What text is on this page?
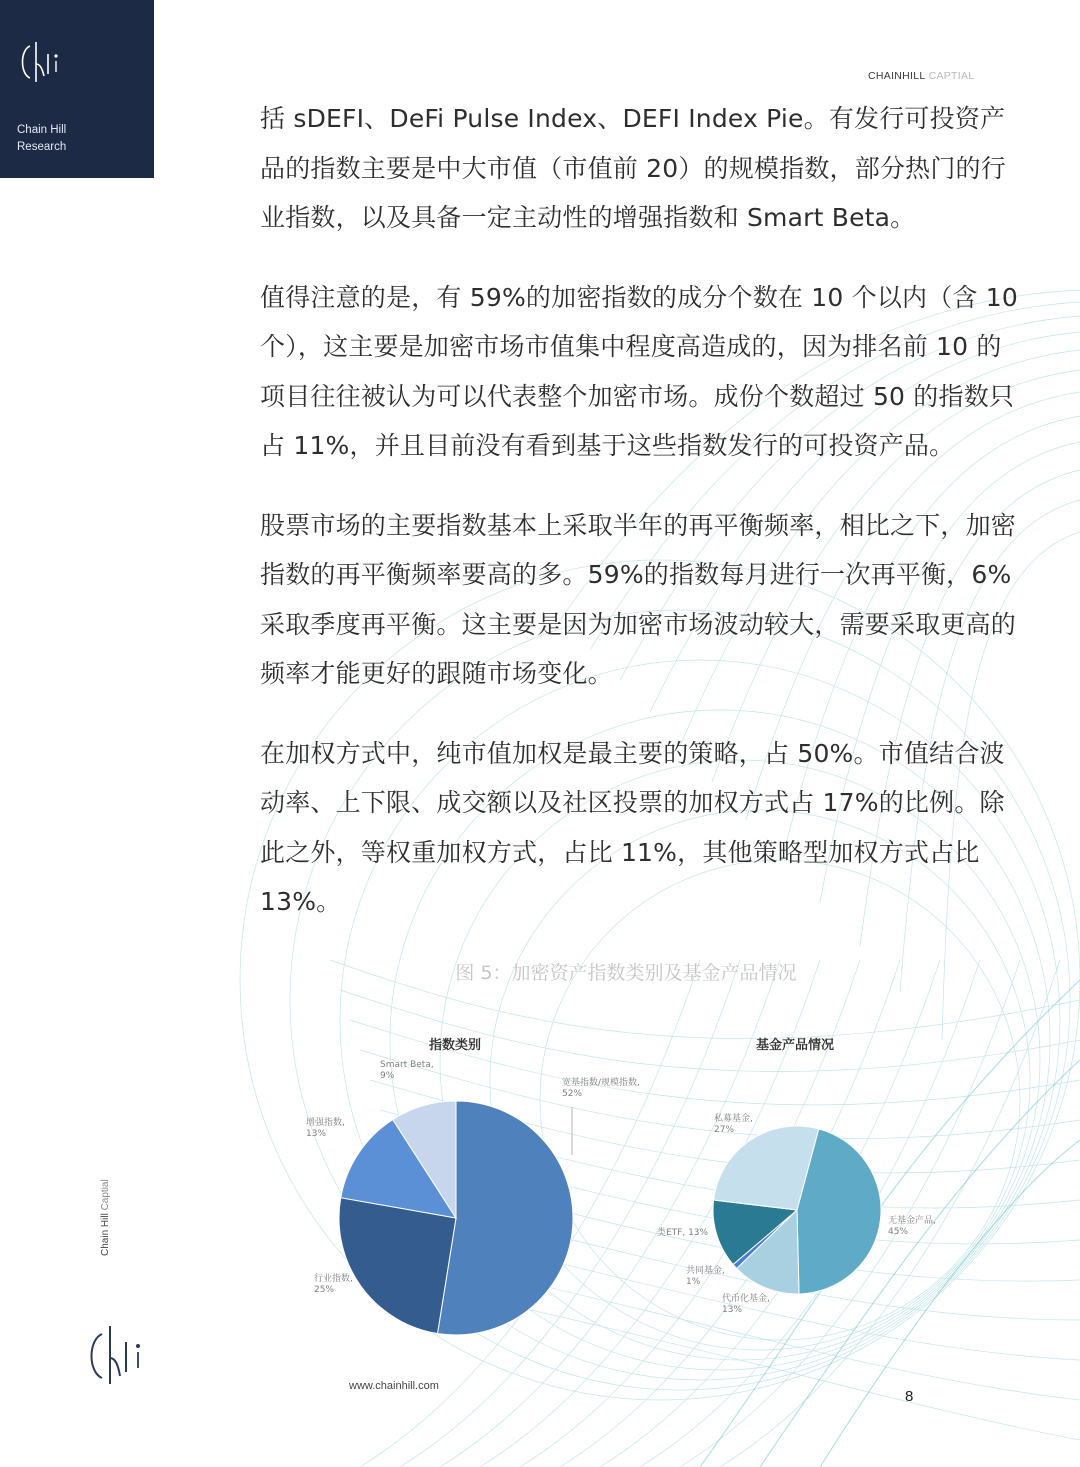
Chain Hill
Research
CHAINHILL CAPTIAL

括 sDEFI、DeFi Pulse Index、DEFI Index Pie。有发行可投资产品的指数主要是中大市值（市值前 20）的规模指数，部分热门的行业指数，以及具备一定主动性的增强指数和 Smart Beta。

值得注意的是，有 59%的加密指数的成分个数在 10 个以内（含 10 个），这主要是加密市场市值集中程度高造成的，因为排名前 10 的项目往往被认为可以代表整个加密市场。成份个数超过 50 的指数只占 11%，并且目前没有看到基于这些指数发行的可投资产品。

股票市场的主要指数基本上采取半年的再平衡频率，相比之下，加密指数的再平衡频率要高的多。59%的指数每月进行一次再平衡，6%采取季度再平衡。这主要是因为加密市场波动较大，需要采取更高的频率才能更好的跟随市场变化。

在加权方式中，纯市值加权是最主要的策略，占 50%。市值结合波动率、上下限、成交额以及社区投票的加权方式占 17%的比例。除此之外，等权重加权方式，占比 11%，其他策略型加权方式占比 13%。

图 5：加密资产指数类别及基金产品情况
指数类别
宽基指数/规模指数, 52%
行业指数, 25%
增强指数, 13%
Smart Beta, 9%
基金产品情况
无基金产品, 45%
代币化基金, 13%
共同基金, 1%
类ETF, 13%
私募基金, 27%
Chain Hill Captial
www.chainhill.com
8
